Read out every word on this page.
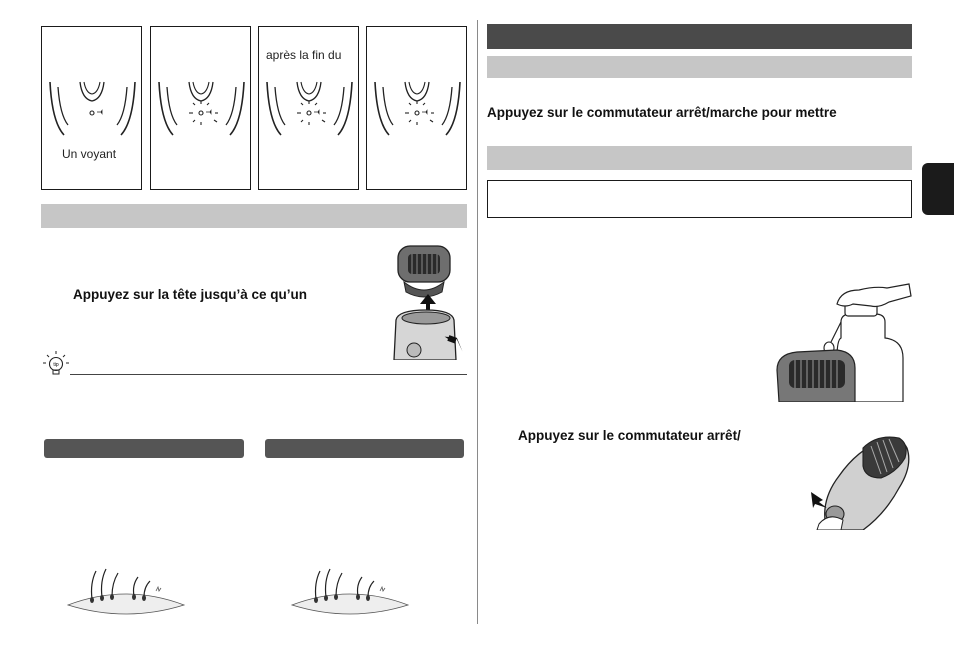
Un voyant
après la fin du
Appuyez sur la tête jusqu’à ce qu’un
tip
Appuyez sur le commutateur arrêt/marche pour mettre
Appuyez sur le commutateur arrêt/	✱
✱ ✱
